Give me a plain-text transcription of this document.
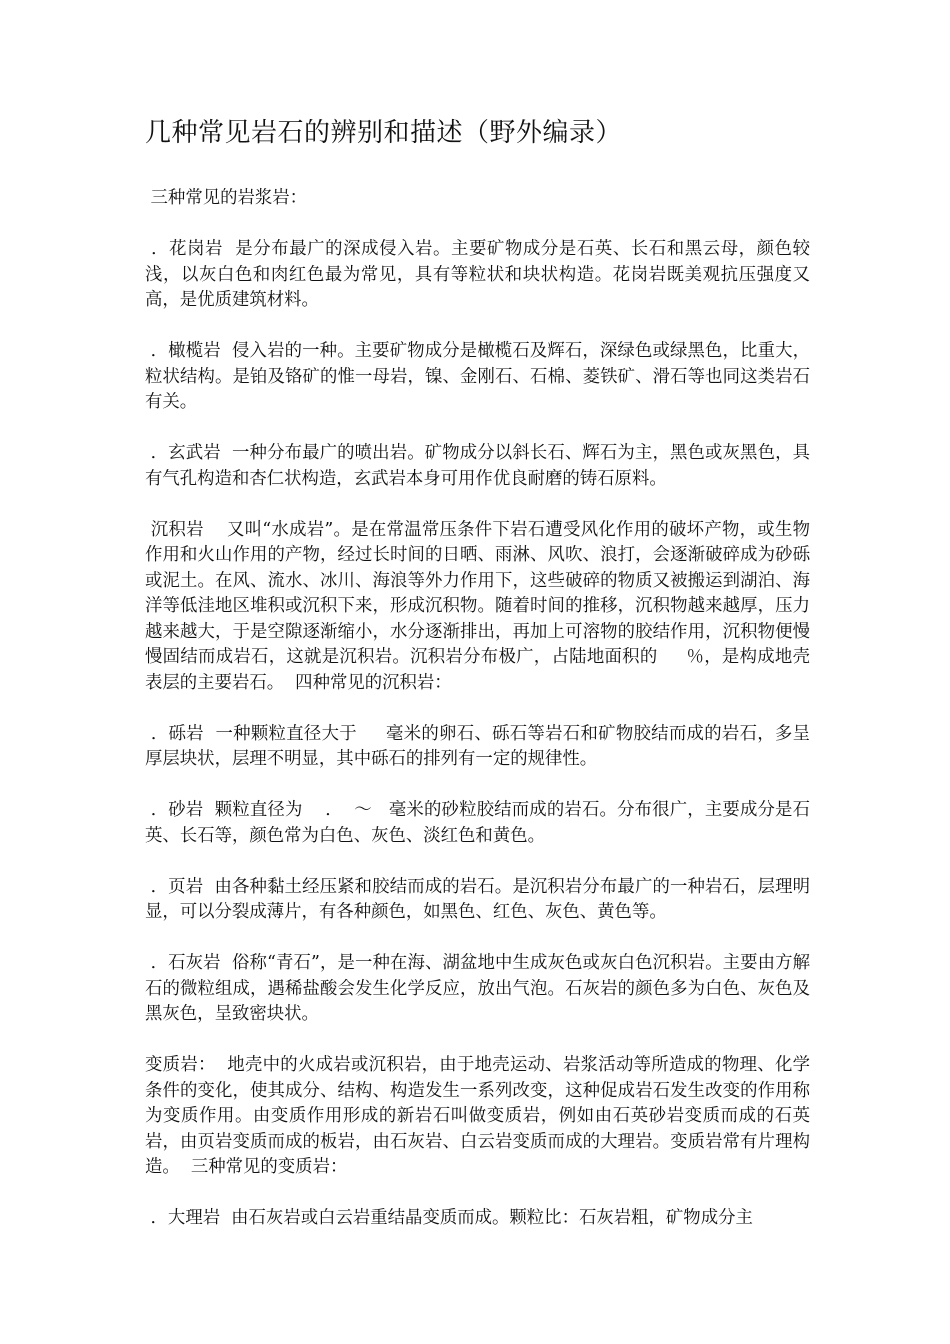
几种常见岩石的辨别和描述（野外编录）

三种常见的岩浆岩：

．花岗岩  是分布最广的深成侵入岩。主要矿物成分是石英、长石和黑云母，颜色较浅，以灰白色和肉红色最为常见，具有等粒状和块状构造。花岗岩既美观抗压强度又高，是优质建筑材料。

．橄榄岩  侵入岩的一种。主要矿物成分是橄榄石及辉石，深绿色或绿黑色，比重大，粒状结构。是铂及铬矿的惟一母岩，镍、金刚石、石棉、菱铁矿、滑石等也同这类岩石有关。

．玄武岩  一种分布最广的喷出岩。矿物成分以斜长石、辉石为主，黑色或灰黑色，具有气孔构造和杏仁状构造，玄武岩本身可用作优良耐磨的铸石原料。

沉积岩    又叫“水成岩”。是在常温常压条件下岩石遭受风化作用的破坏产物，或生物作用和火山作用的产物，经过长时间的日晒、雨淋、风吹、浪打，会逐渐破碎成为砂砾或泥土。在风、流水、冰川、海浪等外力作用下，这些破碎的物质又被搬运到湖泊、海洋等低洼地区堆积或沉积下来，形成沉积物。随着时间的推移，沉积物越来越厚，压力越来越大，于是空隙逐渐缩小，水分逐渐排出，再加上可溶物的胶结作用，沉积物便慢慢固结而成岩石，这就是沉积岩。沉积岩分布极广，占陆地面积的     ％，是构成地壳表层的主要岩石。  四种常见的沉积岩：

．砾岩  一种颗粒直径大于     毫米的卵石、砾石等岩石和矿物胶结而成的岩石，多呈厚层块状，层理不明显，其中砾石的排列有一定的规律性。

．砂岩  颗粒直径为    ．  ～   毫米的砂粒胶结而成的岩石。分布很广，主要成分是石英、长石等，颜色常为白色、灰色、淡红色和黄色。

．页岩  由各种黏土经压紧和胶结而成的岩石。是沉积岩分布最广的一种岩石，层理明显，可以分裂成薄片，有各种颜色，如黑色、红色、灰色、黄色等。

．石灰岩  俗称“青石”，是一种在海、湖盆地中生成灰色或灰白色沉积岩。主要由方解石的微粒组成，遇稀盐酸会发生化学反应，放出气泡。石灰岩的颜色多为白色、灰色及黑灰色，呈致密块状。

变质岩：  地壳中的火成岩或沉积岩，由于地壳运动、岩浆活动等所造成的物理、化学条件的变化，使其成分、结构、构造发生一系列改变，这种促成岩石发生改变的作用称为变质作用。由变质作用形成的新岩石叫做变质岩，例如由石英砂岩变质而成的石英岩，由页岩变质而成的板岩，由石灰岩、白云岩变质而成的大理岩。变质岩常有片理构造。  三种常见的变质岩：

．大理岩  由石灰岩或白云岩重结晶变质而成。颗粒比：石灰岩粗，矿物成分主
